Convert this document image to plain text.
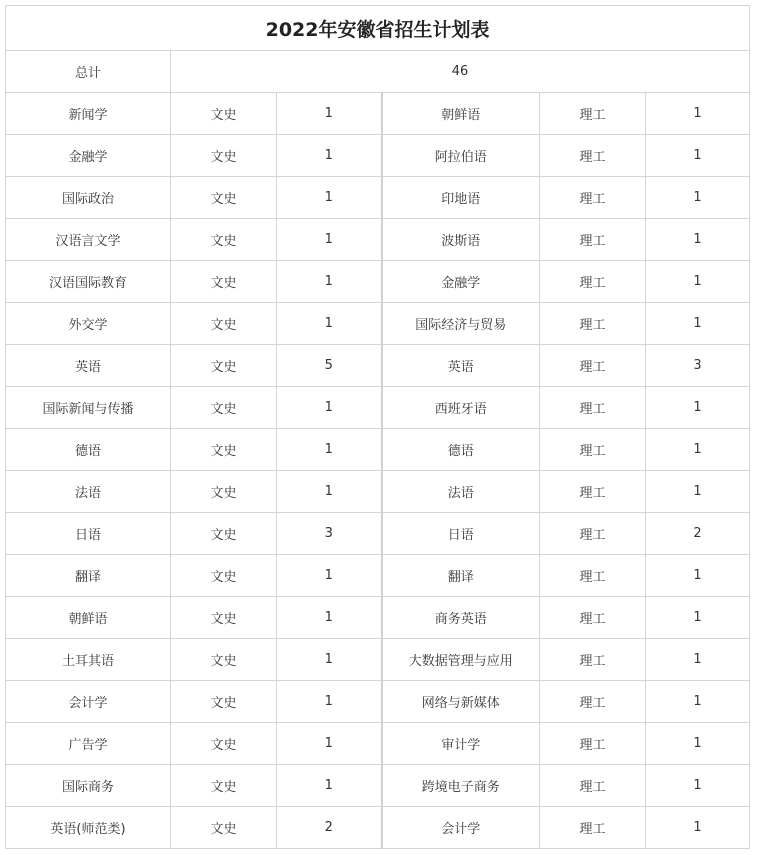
2022年安徽省招生计划表					
总计	46				
新闻学	文史	1	朝鲜语	理工	1
金融学	文史	1	阿拉伯语	理工	1
国际政治	文史	1	印地语	理工	1
汉语言文学	文史	1	波斯语	理工	1
汉语国际教育	文史	1	金融学	理工	1
外交学	文史	1	国际经济与贸易	理工	1
英语	文史	5	英语	理工	3
国际新闻与传播	文史	1	西班牙语	理工	1
德语	文史	1	德语	理工	1
法语	文史	1	法语	理工	1
日语	文史	3	日语	理工	2
翻译	文史	1	翻译	理工	1
朝鲜语	文史	1	商务英语	理工	1
土耳其语	文史	1	大数据管理与应用	理工	1
会计学	文史	1	网络与新媒体	理工	1
广告学	文史	1	审计学	理工	1
国际商务	文史	1	跨境电子商务	理工	1
英语(师范类)	文史	2	会计学	理工	1
